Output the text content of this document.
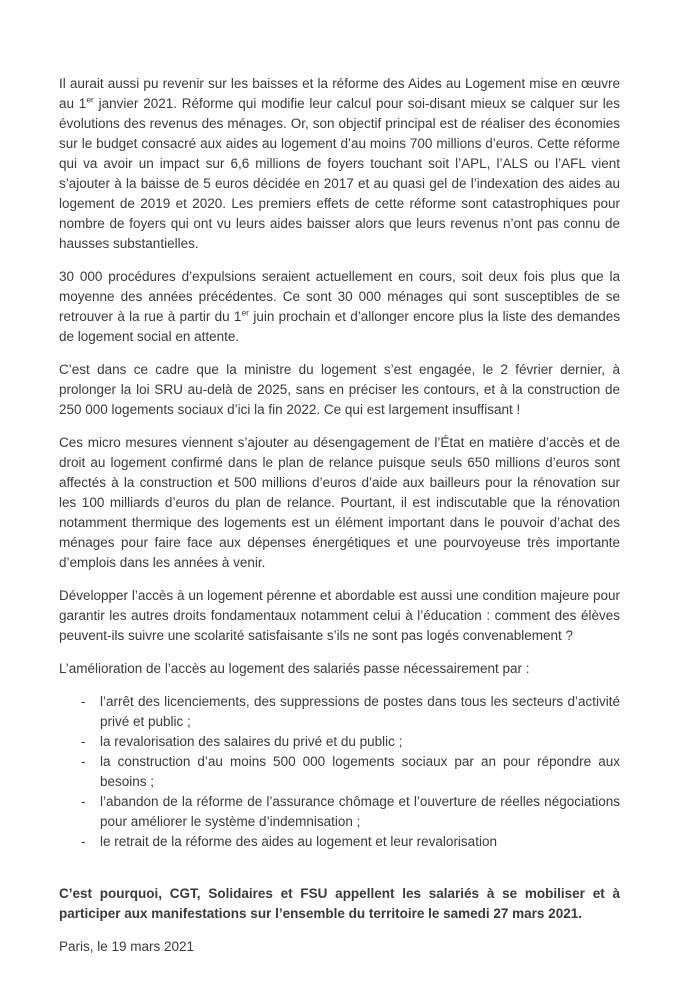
Il aurait aussi pu revenir sur les baisses et la réforme des Aides au Logement mise en œuvre au 1er janvier 2021. Réforme qui modifie leur calcul pour soi-disant mieux se calquer sur les évolutions des revenus des ménages. Or, son objectif principal est de réaliser des économies sur le budget consacré aux aides au logement d’au moins 700 millions d’euros. Cette réforme qui va avoir un impact sur 6,6 millions de foyers touchant soit l’APL, l’ALS ou l’AFL vient s’ajouter à la baisse de 5 euros décidée en 2017 et au quasi gel de l’indexation des aides au logement de 2019 et 2020. Les premiers effets de cette réforme sont catastrophiques pour nombre de foyers qui ont vu leurs aides baisser alors que leurs revenus n’ont pas connu de hausses substantielles.

30 000 procédures d’expulsions seraient actuellement en cours, soit deux fois plus que la moyenne des années précédentes. Ce sont 30 000 ménages qui sont susceptibles de se retrouver à la rue à partir du 1er juin prochain et d’allonger encore plus la liste des demandes de logement social en attente.

C’est dans ce cadre que la ministre du logement s’est engagée, le 2 février dernier, à prolonger la loi SRU au-delà de 2025, sans en préciser les contours, et à la construction de 250 000 logements sociaux d’ici la fin 2022. Ce qui est largement insuffisant !

Ces micro mesures viennent s’ajouter au désengagement de l’État en matière d’accès et de droit au logement confirmé dans le plan de relance puisque seuls 650 millions d’euros sont affectés à la construction et 500 millions d’euros d’aide aux bailleurs pour la rénovation sur les 100 milliards d’euros du plan de relance. Pourtant, il est indiscutable que la rénovation notamment thermique des logements est un élément important dans le pouvoir d’achat des ménages pour faire face aux dépenses énergétiques et une pourvoyeuse très importante d’emplois dans les années à venir.

Développer l’accès à un logement pérenne et abordable est aussi une condition majeure pour garantir les autres droits fondamentaux notamment celui à l’éducation : comment des élèves peuvent-ils suivre une scolarité satisfaisante s’ils ne sont pas logés convenablement ?

L’amélioration de l’accès au logement des salariés passe nécessairement par :

- l’arrêt des licenciements, des suppressions de postes dans tous les secteurs d’activité privé et public ;
- la revalorisation des salaires du privé et du public ;
- la construction d’au moins 500 000 logements sociaux par an pour répondre aux besoins ;
- l’abandon de la réforme de l’assurance chômage et l’ouverture de réelles négociations pour améliorer le système d’indemnisation ;
- le retrait de la réforme des aides au logement et leur revalorisation

C’est pourquoi, CGT, Solidaires et FSU appellent les salariés à se mobiliser et à participer aux manifestations sur l’ensemble du territoire le samedi 27 mars 2021.

Paris, le 19 mars 2021
